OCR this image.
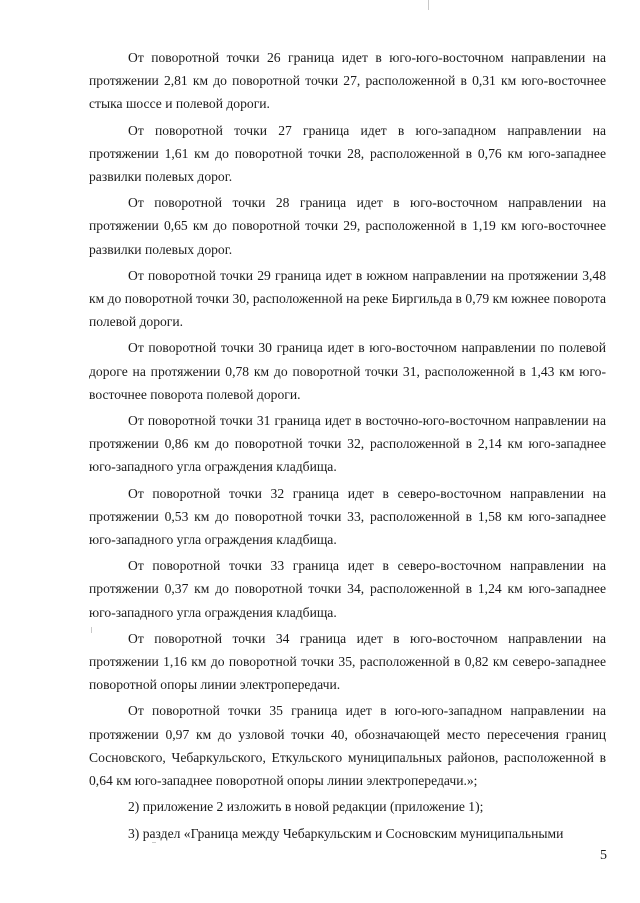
От поворотной точки 26 граница идет в юго-юго-восточном направлении на протяжении 2,81 км до поворотной точки 27, расположенной в 0,31 км юго-восточнее стыка шоссе и полевой дороги.

От поворотной точки 27 граница идет в юго-западном направлении на протяжении 1,61 км до поворотной точки 28, расположенной в 0,76 км юго-западнее развилки полевых дорог.

От поворотной точки 28 граница идет в юго-восточном направлении на протяжении 0,65 км до поворотной точки 29, расположенной в 1,19 км юго-восточнее развилки полевых дорог.

От поворотной точки 29 граница идет в южном направлении на протяжении 3,48 км до поворотной точки 30, расположенной на реке Биргильда в 0,79 км южнее поворота полевой дороги.

От поворотной точки 30 граница идет в юго-восточном направлении по полевой дороге на протяжении 0,78 км до поворотной точки 31, расположенной в 1,43 км юго-восточнее поворота полевой дороги.

От поворотной точки 31 граница идет в восточно-юго-восточном направлении на протяжении 0,86 км до поворотной точки 32, расположенной в 2,14 км юго-западнее юго-западного угла ограждения кладбища.

От поворотной точки 32 граница идет в северо-восточном направлении на протяжении 0,53 км до поворотной точки 33, расположенной в 1,58 км юго-западнее юго-западного угла ограждения кладбища.

От поворотной точки 33 граница идет в северо-восточном направлении на протяжении 0,37 км до поворотной точки 34, расположенной в 1,24 км юго-западнее юго-западного угла ограждения кладбища.

От поворотной точки 34 граница идет в юго-восточном направлении на протяжении 1,16 км до поворотной точки 35, расположенной в 0,82 км северо-западнее поворотной опоры линии электропередачи.

От поворотной точки 35 граница идет в юго-юго-западном направлении на протяжении 0,97 км до узловой точки 40, обозначающей место пересечения границ Сосновского, Чебаркульского, Еткульского муниципальных районов, расположенной в 0,64 км юго-западнее поворотной опоры линии электропередачи.»;

2) приложение 2 изложить в новой редакции (приложение 1);

3) раздел «Граница между Чебаркульским и Сосновским муниципальными

5
